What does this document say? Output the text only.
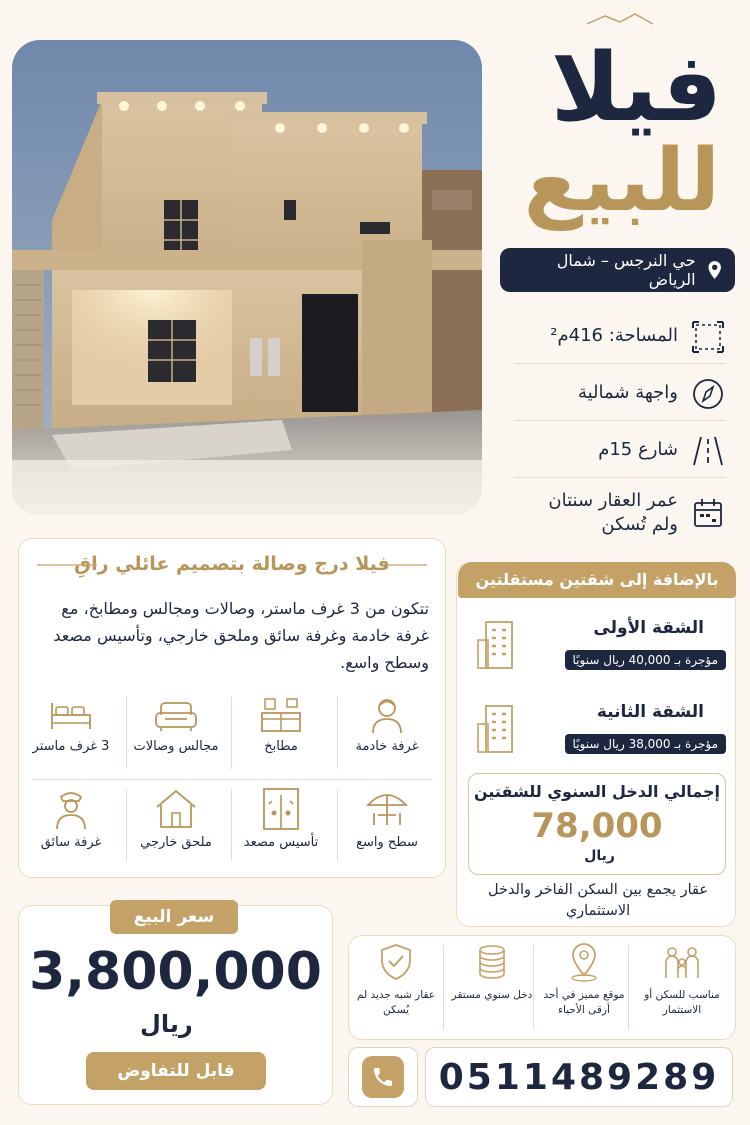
فيلا
للبيع
حي النرجس – شمال الرياض
المساحة: 416م²
واجهة شمالية
شارع 15م
عمر العقار سنتان ولم تُسكن
فيلا درج وصالة بتصميم عائلي راقِ
تتكون من 3 غرف ماستر، وصالات ومجالس ومطابخ، مع غرفة خادمة وغرفة سائق وملحق خارجي، وتأسيس مصعد وسطح واسع.
غرفة خادمة
مطابخ
مجالس وصالات
3 غرف ماستر
سطح واسع
تأسيس مصعد
ملحق خارجي
غرفة سائق
بالإضافة إلى شقتين مستقلتين
الشقة الأولى
مؤجرة بـ 40,000 ريال سنويًا
الشقة الثانية
مؤجرة بـ 38,000 ريال سنويًا
إجمالي الدخل السنوي للشقتين
78,000
ريال
عقار يجمع بين السكن الفاخر والدخل الاستثماري
سعر البيع
3,800,000
ريال
قابل للتفاوض
مناسب للسكن أو الاستثمار
موقع مميز في أحد أرقى الأحياء
دخل سنوي مستقر
عقار شبه جديد لم يُسكن
0511489289
